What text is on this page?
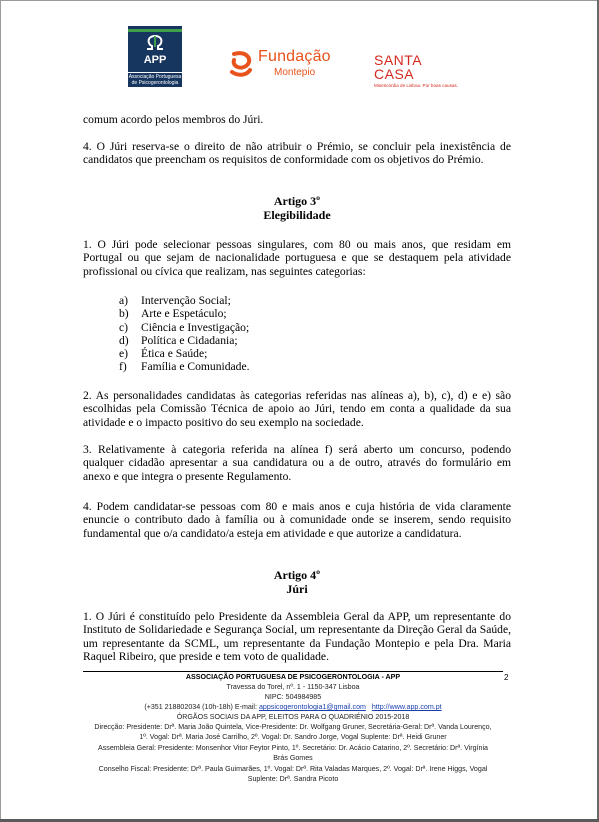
APP
Associação Portuguesa de Psicogerontologia
Fundação
Montepio
SANTA
CASA
Misericórdia de Lisboa. Por boas causas.
comum acordo pelos membros do Júri.
4. O Júri reserva-se o direito de não atribuir o Prémio, se concluir pela inexistência de candidatos que preencham os requisitos de conformidade com os objetivos do Prémio.
Artigo 3º
Elegibilidade
1. O Júri pode selecionar pessoas singulares, com 80 ou mais anos, que residam em Portugal ou que sejam de nacionalidade portuguesa e que se destaquem pela atividade profissional ou cívica que realizam, nas seguintes categorias:
a) Intervenção Social;
b) Arte e Espetáculo;
c) Ciência e Investigação;
d) Política e Cidadania;
e) Ética e Saúde;
f) Família e Comunidade.
2. As personalidades candidatas às categorias referidas nas alíneas a), b), c), d) e e) são escolhidas pela Comissão Técnica de apoio ao Júri, tendo em conta a qualidade da sua atividade e o impacto positivo do seu exemplo na sociedade.
3. Relativamente à categoria referida na alínea f) será aberto um concurso, podendo qualquer cidadão apresentar a sua candidatura ou a de outro, através do formulário em anexo e que integra o presente Regulamento.
4. Podem candidatar-se pessoas com 80 e mais anos e cuja história de vida claramente enuncie o contributo dado à família ou à comunidade onde se inserem, sendo requisito fundamental que o/a candidato/a esteja em atividade e que autorize a candidatura.
Artigo 4º
Júri
1. O Júri é constituído pelo Presidente da Assembleia Geral da APP, um representante do Instituto de Solidariedade e Segurança Social, um representante da Direção Geral da Saúde, um representante da SCML, um representante da Fundação Montepio e pela Dra. Maria Raquel Ribeiro, que preside e tem voto de qualidade.
2
ASSOCIAÇÃO PORTUGUESA DE PSICOGERONTOLOGIA - APP
Travessa do Torel, nº. 1 - 1150-347 Lisboa
NIPC: 504984985
(+351 218802034 (10h-18h) E-mail: appsicogerontologia1@gmail.com http://www.app.com.pt
ÓRGÃOS SOCIAIS DA APP, ELEITOS PARA O QUADRIÉNIO 2015-2018
Direcção: Presidente: Drª. Maria João Quintela, Vice-Presidente: Dr. Wolfgang Gruner, Secretária-Geral: Drª. Vanda Lourenço,
1º. Vogal: Drª. Maria José Carrilho, 2º. Vogal: Dr. Sandro Jorge, Vogal Suplente: Drª. Heidi Gruner
Assembleia Geral: Presidente: Monsenhor Vitor Feytor Pinto, 1º. Secretário: Dr. Acácio Catarino, 2º. Secretário: Drª. Virgínia
Brás Gomes
Conselho Fiscal: Presidente: Drª. Paula Guimarães, 1º. Vogal: Drª. Rita Valadas Marques, 2º. Vogal: Drª. Irene Higgs, Vogal
Suplente: Drª. Sandra Picoto
